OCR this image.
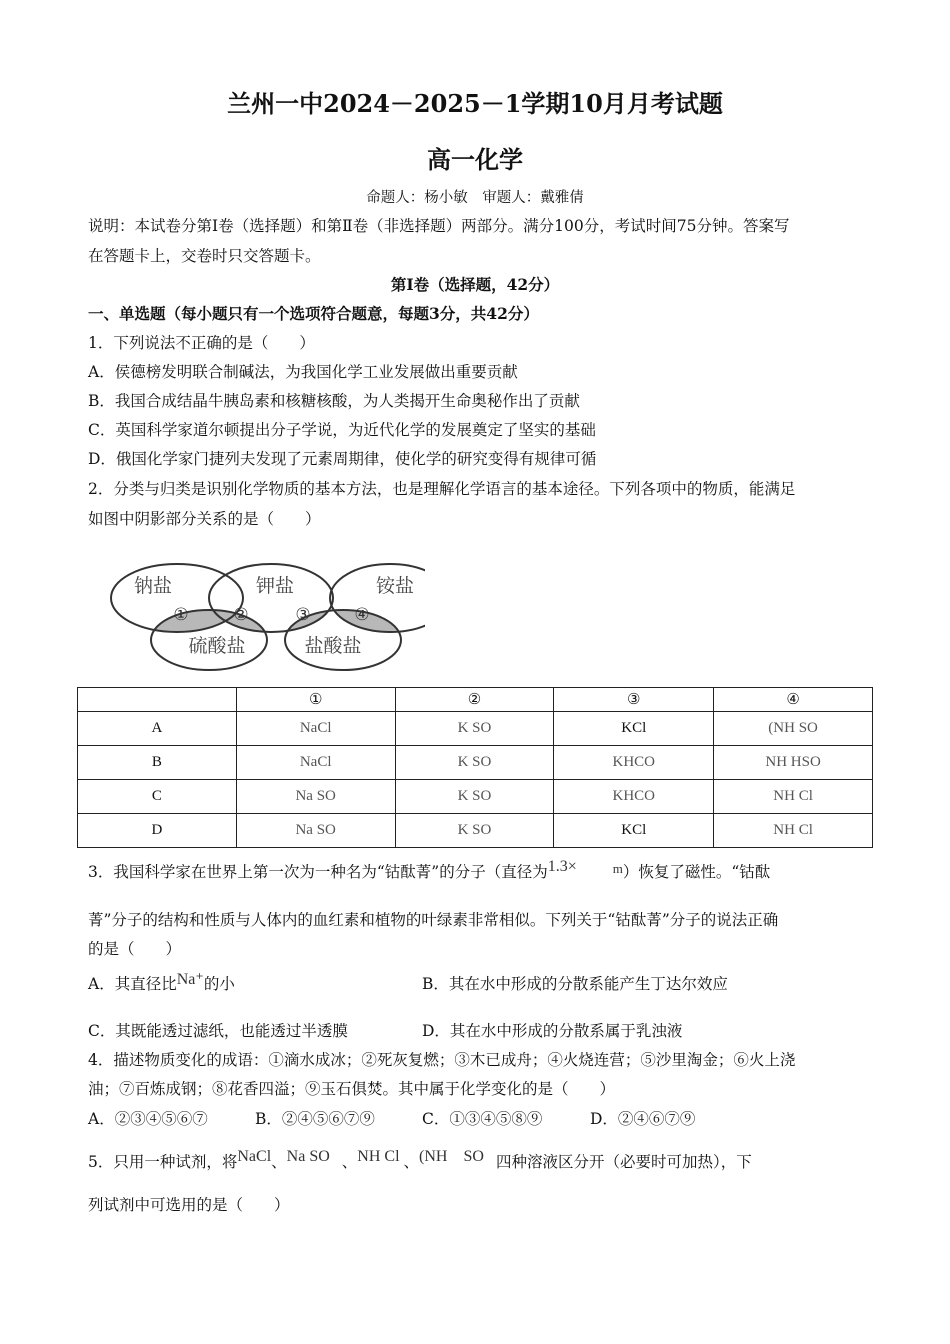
兰州一中2024－2025－1学期10月月考试题
高一化学
命题人：杨小敏　审题人：戴雅倩
说明：本试卷分第Ⅰ卷（选择题）和第Ⅱ卷（非选择题）两部分。满分100分，考试时间75分钟。答案写
在答题卡上，交卷时只交答题卡。
第Ⅰ卷（选择题，42分）
一、单选题（每小题只有一个选项符合题意，每题3分，共42分）
1．下列说法不正确的是（　　）
A．侯德榜发明联合制碱法，为我国化学工业发展做出重要贡献
B．我国合成结晶牛胰岛素和核糖核酸，为人类揭开生命奥秘作出了贡献
C．英国科学家道尔顿提出分子学说，为近代化学的发展奠定了坚实的基础
D．俄国化学家门捷列夫发现了元素周期律，使化学的研究变得有规律可循
2．分类与归类是识别化学物质的基本方法，也是理解化学语言的基本途径。下列各项中的物质，能满足
如图中阴影部分关系的是（　　）
钠盐	钾盐	铵盐
硫酸盐	盐酸盐
①	②	③	④
	①	②	③	④
A	NaCl	K SO	KCl	(NH SO
B	NaCl	K SO	KHCO	NH HSO
C	Na SO	K SO	KHCO	NH Cl
D	Na SO	K SO	KCl	NH Cl
3．我国科学家在世界上第一次为一种名为“钴酞菁”的分子（直径为1.3×	$^m$）恢复了磁性。“钴酞
菁”分子的结构和性质与人体内的血红素和植物的叶绿素非常相似。下列关于“钴酞菁”分子的说法正确
的是（　　）
A．其直径比Na⁺的小	B．其在水中形成的分散系能产生丁达尔效应
C．其既能透过滤纸，也能透过半透膜	D．其在水中形成的分散系属于乳浊液
4．描述物质变化的成语：①滴水成冰；②死灰复燃；③木已成舟；④火烧连营；⑤沙里淘金；⑥火上浇
油；⑦百炼成钢；⑧花香四溢；⑨玉石俱焚。其中属于化学变化的是（　　）
A．②③④⑤⑥⑦	B．②④⑤⑥⑦⑨	C．①③④⑤⑧⑨	D．②④⑥⑦⑨
5．只用一种试剂，将NaCl、Na SO 、NH Cl 、(NH    SO 四种溶液区分开（必要时可加热），下
列试剂中可选用的是（　　）
